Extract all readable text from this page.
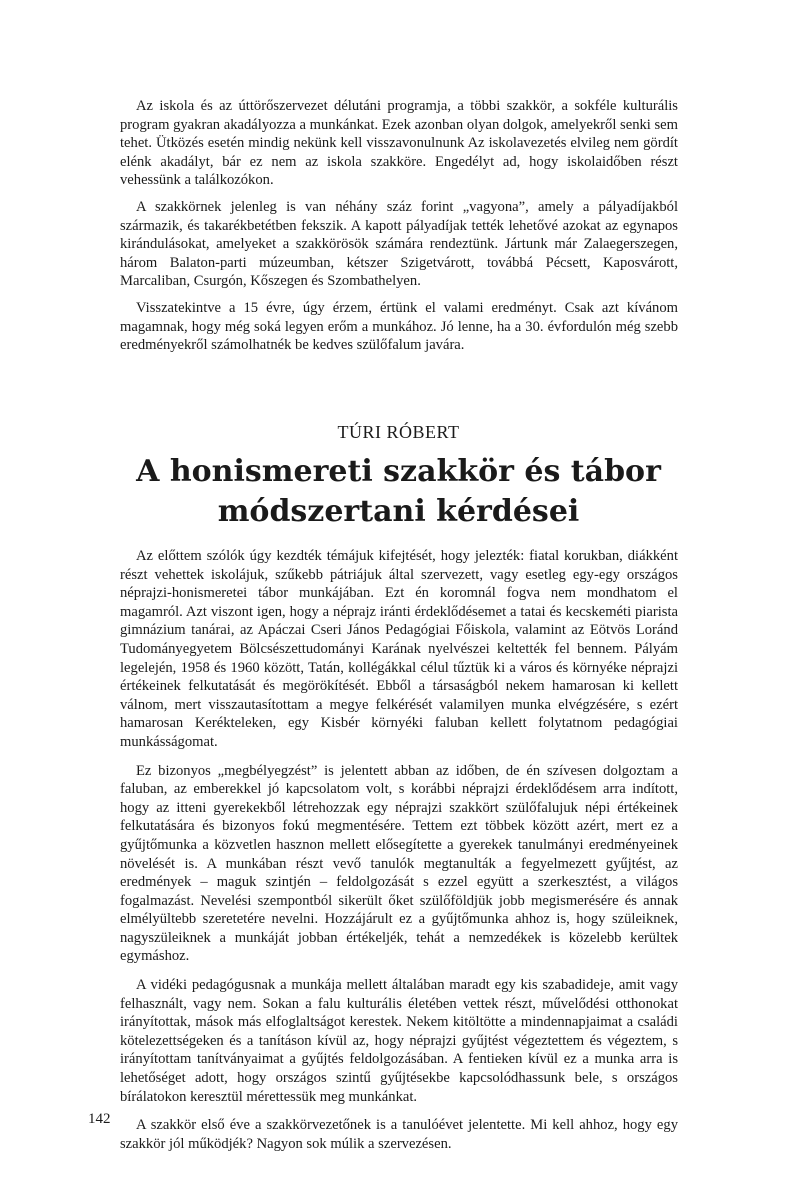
Az iskola és az úttörőszervezet délutáni programja, a többi szakkör, a sokféle kulturális program gyakran akadályozza a munkánkat. Ezek azonban olyan dolgok, amelyekről senki sem tehet. Ütközés esetén mindig nekünk kell visszavonulnunk Az iskolavezetés elvileg nem gördít elénk akadályt, bár ez nem az iskola szakköre. Engedélyt ad, hogy iskolaidőben részt vehessünk a találkozókon.

A szakkörnek jelenleg is van néhány száz forint „vagyona”, amely a pályadíjakból származik, és takarékbetétben fekszik. A kapott pályadíjak tették lehetővé azokat az egynapos kirándulásokat, amelyeket a szakkörösök számára rendeztünk. Jártunk már Zalaegerszegen, három Balaton-parti múzeumban, kétszer Szigetvárott, továbbá Pécsett, Kaposvárott, Marcaliban, Csurgón, Kőszegen és Szombathelyen.

Visszatekintve a 15 évre, úgy érzem, értünk el valami eredményt. Csak azt kívánom magamnak, hogy még soká legyen erőm a munkához. Jó lenne, ha a 30. évfordulón még szebb eredményekről számolhatnék be kedves szülőfalum javára.

TÚRI RÓBERT
A honismereti szakkör és tábor
módszertani kérdései

Az előttem szólók úgy kezdték témájuk kifejtését, hogy jelezték: fiatal korukban, diákként részt vehettek iskolájuk, szűkebb pátriájuk által szervezett, vagy esetleg egy-egy országos néprajzi-honismeretei tábor munkájában. Ezt én koromnál fogva nem mondhatom el magamról. Azt viszont igen, hogy a néprajz iránti érdeklődésemet a tatai és kecskeméti piarista gimnázium tanárai, az Apáczai Cseri János Pedagógiai Főiskola, valamint az Eötvös Loránd Tudományegyetem Bölcsészettudományi Karának nyelvészei keltették fel bennem. Pályám legelején, 1958 és 1960 között, Tatán, kollégákkal célul tűztük ki a város és környéke néprajzi értékeinek felkutatását és megörökítését. Ebből a társaságból nekem hamarosan ki kellett válnom, mert visszautasítottam a megye felkérését valamilyen munka elvégzésére, s ezért hamarosan Kerékteleken, egy Kisbér környéki faluban kellett folytatnom pedagógiai munkásságomat.

Ez bizonyos „megbélyegzést” is jelentett abban az időben, de én szívesen dolgoztam a faluban, az emberekkel jó kapcsolatom volt, s korábbi néprajzi érdeklődésem arra indított, hogy az itteni gyerekekből létrehozzak egy néprajzi szakkört szülőfalujuk népi értékeinek felkutatására és bizonyos fokú megmentésére. Tettem ezt többek között azért, mert ez a gyűjtőmunka a közvetlen hasznon mellett elősegítette a gyerekek tanulmányi eredményeinek növelését is. A munkában részt vevő tanulók megtanulták a fegyelmezett gyűjtést, az eredmények – maguk szintjén – feldolgozását s ezzel együtt a szerkesztést, a világos fogalmazást. Nevelési szempontból sikerült őket szülőföldjük jobb megismerésére és annak elmélyültebb szeretetére nevelni. Hozzájárult ez a gyűjtőmunka ahhoz is, hogy szüleiknek, nagyszüleiknek a munkáját jobban értékeljék, tehát a nemzedékek is közelebb kerültek egymáshoz.

A vidéki pedagógusnak a munkája mellett általában maradt egy kis szabadideje, amit vagy felhasznált, vagy nem. Sokan a falu kulturális életében vettek részt, művelődési otthonokat irányítottak, mások más elfoglaltságot kerestek. Nekem kitöltötte a mindennapjaimat a családi kötelezettségeken és a tanításon kívül az, hogy néprajzi gyűjtést végeztettem és végeztem, s irányítottam tanítványaimat a gyűjtés feldolgozásában. A fentieken kívül ez a munka arra is lehetőséget adott, hogy országos szintű gyűjtésekbe kapcsolódhassunk bele, s országos bírálatokon keresztül mérettessük meg munkánkat.

A szakkör első éve a szakkörvezetőnek is a tanulóévet jelentette. Mi kell ahhoz, hogy egy szakkör jól működjék? Nagyon sok múlik a szervezésen.

142
